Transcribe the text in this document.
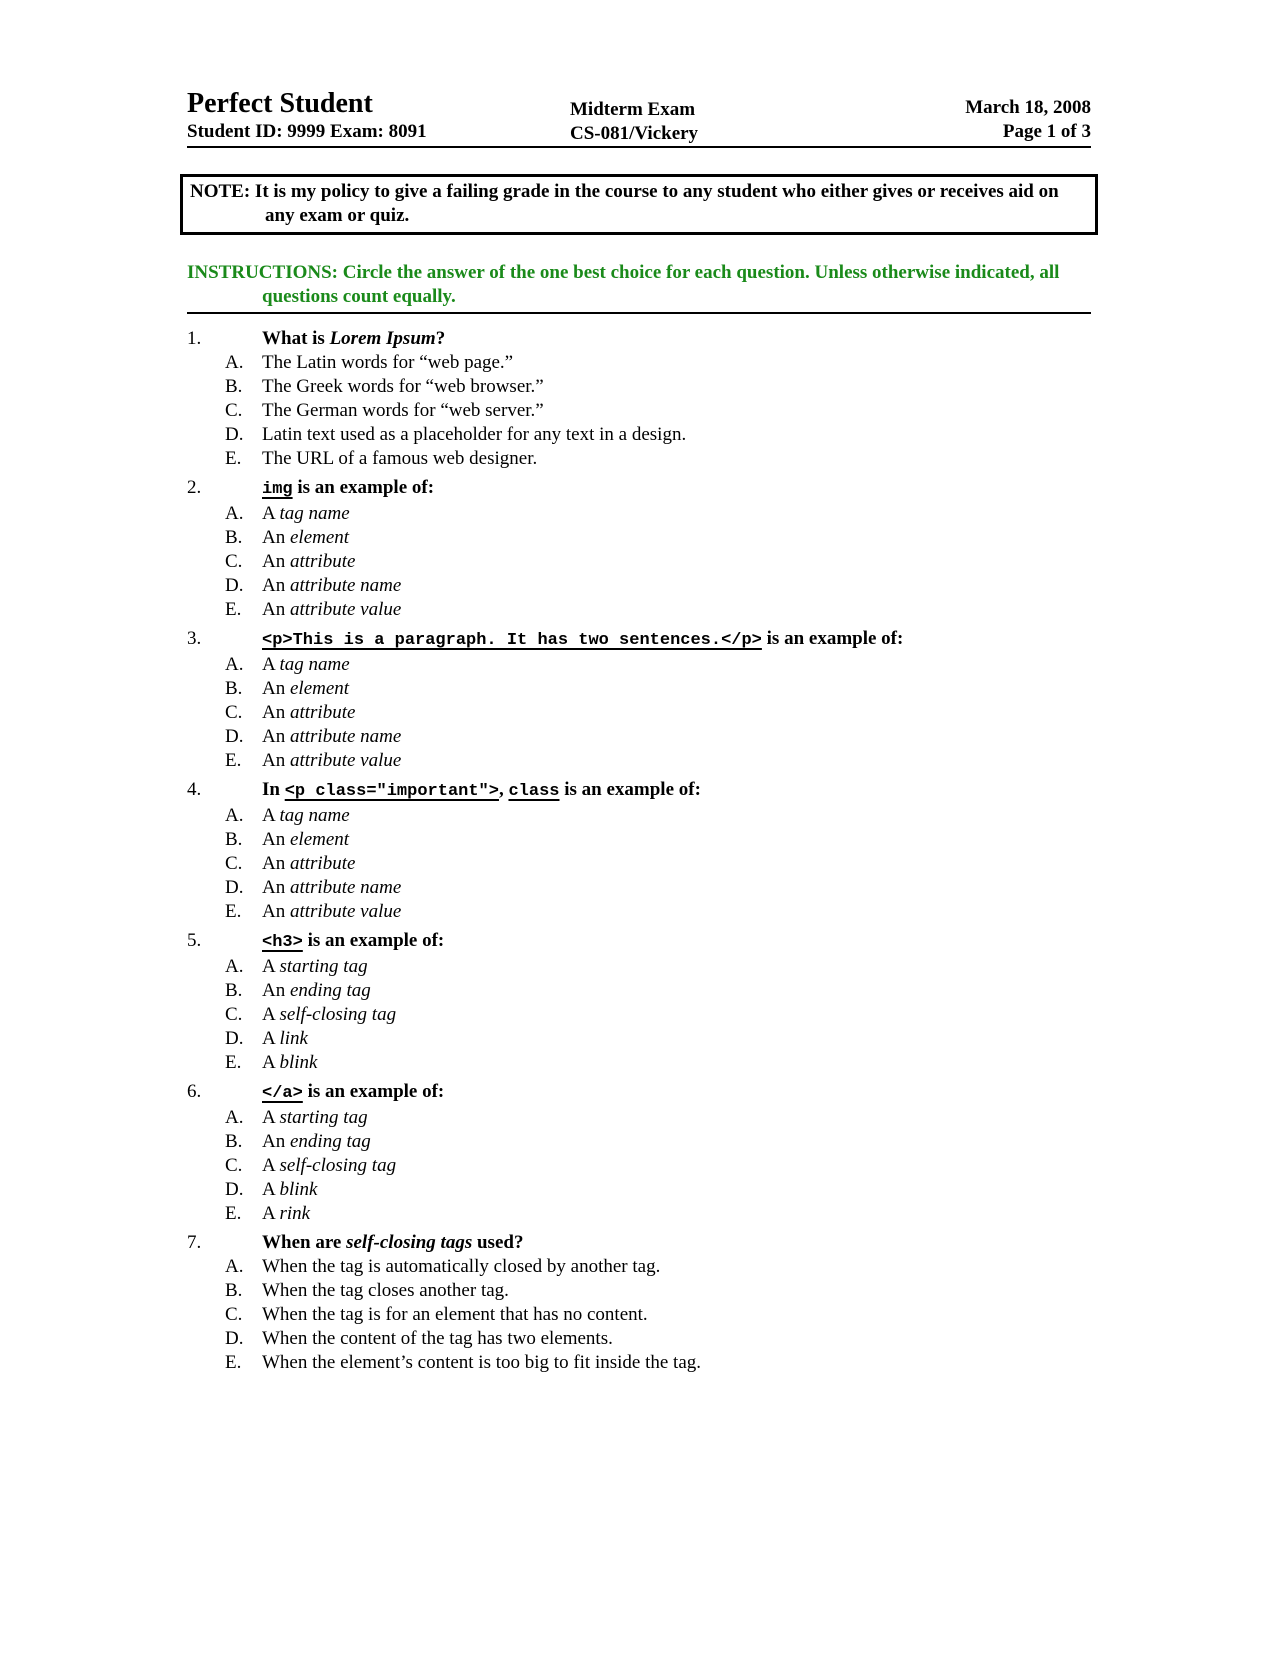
Perfect Student
Student ID: 9999 Exam: 8091
Midterm Exam
CS-081/Vickery
March 18, 2008
Page 1 of 3
NOTE: It is my policy to give a failing grade in the course to any student who either gives or receives aid on any exam or quiz.
INSTRUCTIONS: Circle the answer of the one best choice for each question. Unless otherwise indicated, all questions count equally.
1.	What is Lorem Ipsum?
A. The Latin words for “web page.”
B. The Greek words for “web browser.”
C. The German words for “web server.”
D. Latin text used as a placeholder for any text in a design.
E. The URL of a famous web designer.
2.	img is an example of:
A. A tag name
B. An element
C. An attribute
D. An attribute name
E. An attribute value
3.	<p>This is a paragraph. It has two sentences.</p> is an example of:
A. A tag name
B. An element
C. An attribute
D. An attribute name
E. An attribute value
4.	In <p class="important">, class is an example of:
A. A tag name
B. An element
C. An attribute
D. An attribute name
E. An attribute value
5.	<h3> is an example of:
A. A starting tag
B. An ending tag
C. A self-closing tag
D. A link
E. A blink
6.	</a> is an example of:
A. A starting tag
B. An ending tag
C. A self-closing tag
D. A blink
E. A rink
7.	When are self-closing tags used?
A. When the tag is automatically closed by another tag.
B. When the tag closes another tag.
C. When the tag is for an element that has no content.
D. When the content of the tag has two elements.
E. When the element’s content is too big to fit inside the tag.
